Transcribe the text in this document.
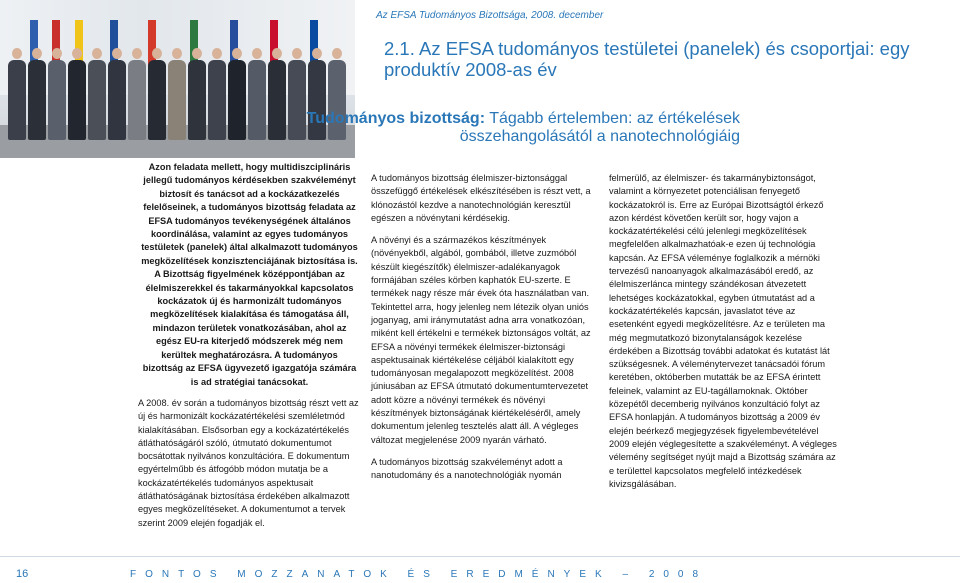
Az EFSA Tudományos Bizottsága, 2008. december
2.1. Az EFSA tudományos testületei (panelek) és csoportjai: egy produktív 2008-as év
Tudományos bizottság: Tágabb értelemben: az értékelések összehangolásától a nanotechnológiáig
Azon feladata mellett, hogy multidiszciplináris jellegű tudományos kérdésekben szakvéleményt biztosít és tanácsot ad a kockázatkezelés felelőseinek, a tudományos bizottság feladata az EFSA tudományos tevékenységének általános koordinálása, valamint az egyes tudományos testületek (panelek) által alkalmazott tudományos megközelítések konzisztenciájának biztosítása is. A Bizottság figyelmének középpontjában az élelmiszerekkel és takarmányokkal kapcsolatos kockázatok új és harmonizált tudományos megközelítések kialakítása és támogatása áll, mindazon területek vonatkozásában, ahol az egész EU-ra kiterjedő módszerek még nem kerültek meghatározásra. A tudományos bizottság az EFSA ügyvezető igazgatója számára is ad stratégiai tanácsokat.
A 2008. év során a tudományos bizottság részt vett az új és harmonizált kockázatértékelési szemléletmód kialakításában. Elsősorban egy a kockázatértékelés átláthatóságáról szóló, útmutató dokumentumot bocsátottak nyilvános konzultációra. E dokumentum egyértelműbb és átfogóbb módon mutatja be a kockázatértékelés tudományos aspektusait átláthatóságának biztosítása érdekében alkalmazott egyes megközelítéseket. A dokumentumot a tervek szerint 2009 elején fogadják el.

A tudományos bizottság élelmiszer-biztonsággal összefüggő értékelések elkészítésében is részt vett, a klónozástól kezdve a nanotechnológián keresztül egészen a növénytani kérdésekig.

A növényi és a származékos készítmények (növényekből, algából, gombából, illetve zuzmóból készült kiegészítők) élelmiszer-adalékanyagok formájában széles körben kaphatók EU-szerte. E termékek nagy része már évek óta használatban van. Tekintettel arra, hogy jelenleg nem létezik olyan uniós joganyag, ami iránymutatást adna arra vonatkozóan, miként kell értékelni e termékek biztonságos voltát, az EFSA a növényi termékek élelmiszer-biztonsági aspektusainak kiértékelése céljából kialakított egy tudományosan megalapozott megközelítést. 2008 júniusában az EFSA útmutató dokumentumtervezetet adott közre a növényi termékek és növényi készítmények biztonságának kiértékeléséről, amely dokumentum jelenleg tesztelés alatt áll. A végleges változat megjelenése 2009 nyarán várható.

A tudományos bizottság szakvéleményt adott a nanotudomány és a nanotechnológiák nyomán

felmerülő, az élelmiszer- és takarmánybiztonságot, valamint a környezetet potenciálisan fenyegető kockázatokról is. Erre az Európai Bizottságtól érkező azon kérdést követően került sor, hogy vajon a kockázatértékelési célú jelenlegi megközelítések megfelelően alkalmazhatóak-e ezen új technológia kapcsán. Az EFSA véleménye foglalkozik a mérnöki tervezésű nanoanyagok alkalmazásából eredő, az élelmiszerlánca mintegy szándékosan átvezetett lehetséges kockázatokkal, egyben útmutatást ad a kockázatértékelés kapcsán, javaslatot téve az esetenként egyedi megközelítésre. Az e területen ma még megmutatkozó bizonytalanságok kezelése érdekében a Bizottság további adatokat és kutatást lát szükségesnek. A véleménytervezet tanácsadói fórum keretében, októberben mutatták be az EFSA érintett feleinek, valamint az EU-tagállamoknak. Október közepétől decemberig nyilvános konzultáció folyt az EFSA honlapján. A tudományos bizottság a 2009 év elején beérkező megjegyzések figyelembevételével 2009 elején véglegesítette a szakvéleményt. A végleges vélemény segítséget nyújt majd a Bizottság számára az e területtel kapcsolatos megfelelő intézkedések kivizsgálásában.

16	FONTOS MOZZANATOK ÉS EREDMÉNYEK – 2008
